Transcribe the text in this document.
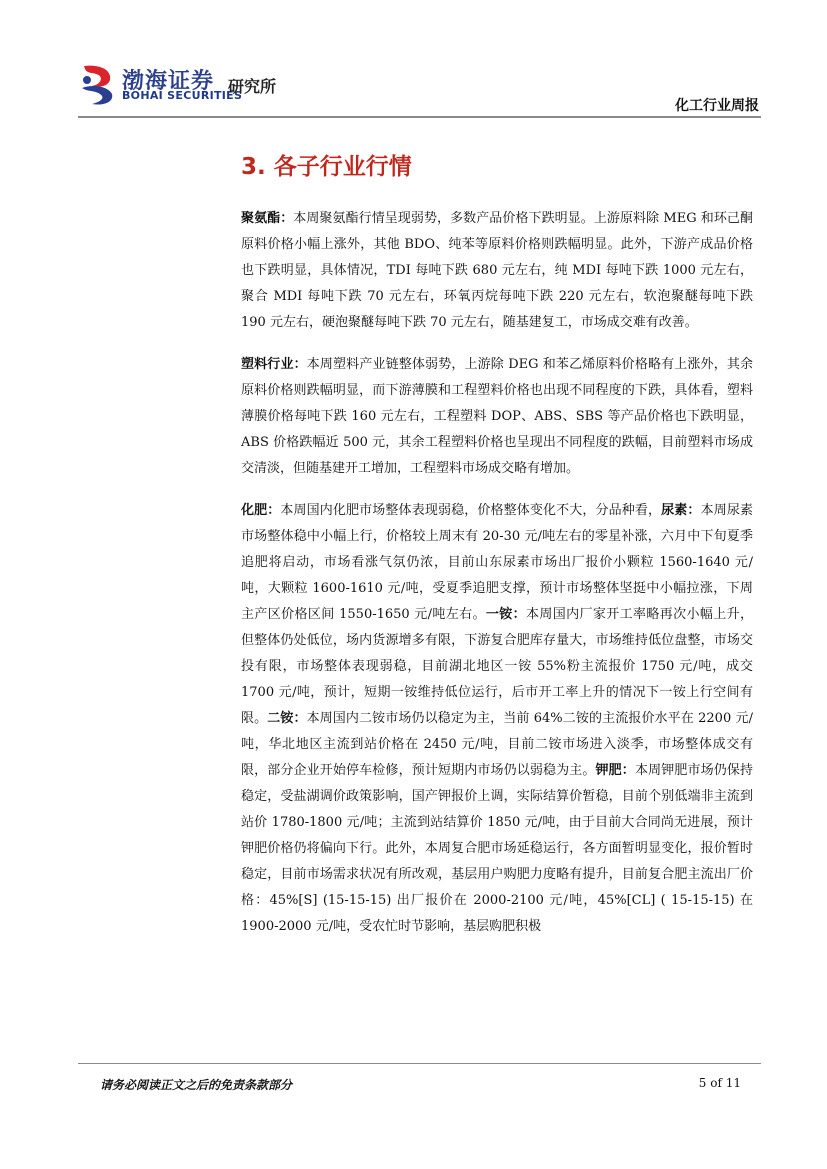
渤海证券
BOHAI SECURITIES
研究所
化工行业周报
3. 各子行业行情

聚氨酯：本周聚氨酯行情呈现弱势，多数产品价格下跌明显。上游原料除 MEG 和环己酮原料价格小幅上涨外，其他 BDO、纯苯等原料价格则跌幅明显。此外，下游产成品价格也下跌明显，具体情况，TDI 每吨下跌 680 元左右，纯 MDI 每吨下跌 1000 元左右，聚合 MDI 每吨下跌 70 元左右，环氧丙烷每吨下跌 220 元左右，软泡聚醚每吨下跌 190 元左右，硬泡聚醚每吨下跌 70 元左右，随基建复工，市场成交难有改善。

塑料行业：本周塑料产业链整体弱势，上游除 DEG 和苯乙烯原料价格略有上涨外，其余原料价格则跌幅明显，而下游薄膜和工程塑料价格也出现不同程度的下跌，具体看，塑料薄膜价格每吨下跌 160 元左右，工程塑料 DOP、ABS、SBS 等产品价格也下跌明显，ABS 价格跌幅近 500 元，其余工程塑料价格也呈现出不同程度的跌幅，目前塑料市场成交清淡，但随基建开工增加，工程塑料市场成交略有增加。

化肥：本周国内化肥市场整体表现弱稳，价格整体变化不大，分品种看，尿素：本周尿素市场整体稳中小幅上行，价格较上周末有 20-30 元/吨左右的零星补涨，六月中下旬夏季追肥将启动，市场看涨气氛仍浓，目前山东尿素市场出厂报价小颗粒 1560-1640 元/吨，大颗粒 1600-1610 元/吨，受夏季追肥支撑，预计市场整体坚挺中小幅拉涨，下周主产区价格区间 1550-1650 元/吨左右。一铵：本周国内厂家开工率略再次小幅上升，但整体仍处低位，场内货源增多有限，下游复合肥库存量大，市场维持低位盘整，市场交投有限，市场整体表现弱稳，目前湖北地区一铵 55%粉主流报价 1750 元/吨，成交 1700 元/吨，预计，短期一铵维持低位运行，后市开工率上升的情况下一铵上行空间有限。二铵：本周国内二铵市场仍以稳定为主，当前 64%二铵的主流报价水平在 2200 元/吨，华北地区主流到站价格在 2450 元/吨，目前二铵市场进入淡季，市场整体成交有限，部分企业开始停车检修，预计短期内市场仍以弱稳为主。钾肥：本周钾肥市场仍保持稳定，受盐湖调价政策影响，国产钾报价上调，实际结算价暂稳，目前个别低端非主流到站价 1780-1800 元/吨；主流到站结算价 1850 元/吨，由于目前大合同尚无进展，预计钾肥价格仍将偏向下行。此外，本周复合肥市场延稳运行，各方面暂明显变化，报价暂时稳定，目前市场需求状况有所改观，基层用户购肥力度略有提升，目前复合肥主流出厂价格：45%[S] (15-15-15) 出厂报价在 2000-2100 元/吨，45%[CL] ( 15-15-15) 在 1900-2000 元/吨，受农忙时节影响，基层购肥积极

请务必阅读正文之后的免责条款部分	5 of 11
